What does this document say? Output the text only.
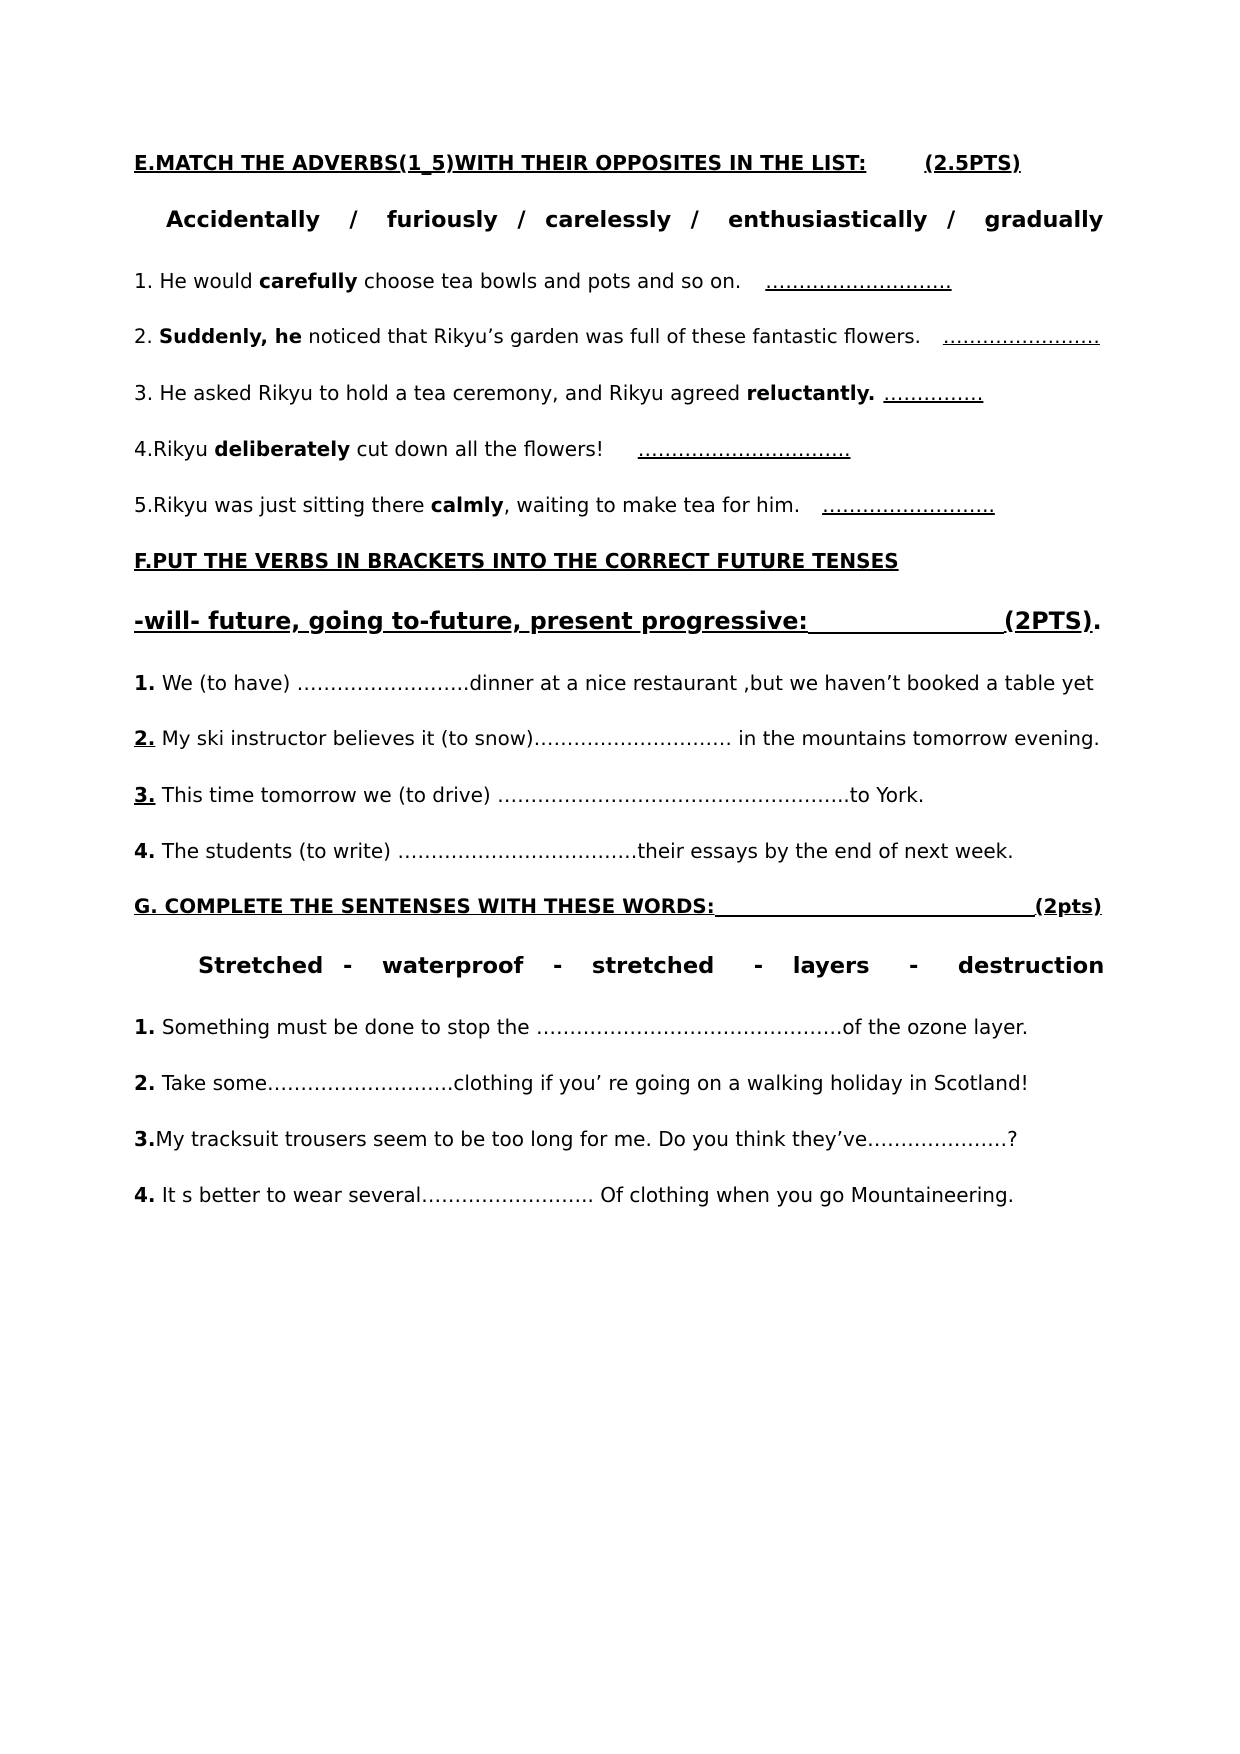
E.MATCH THE ADVERBS(1_5)WITH THEIR OPPOSITES IN THE LIST:	(2.5PTS)
Accidentally   /   furiously  /  carelessly  /   enthusiastically  /   gradually
1. He would carefully choose tea bowls and pots and so on. ……………………….
2. Suddenly, he noticed that Rikyu’s garden was full of these fantastic flowers. ……………………
3. He asked Rikyu to hold a tea ceremony, and Rikyu agreed reluctantly. ……………
4.Rikyu deliberately cut down all the flowers! …………………………..
5.Rikyu was just sitting there calmly, waiting to make tea for him. ……………………..
F.PUT THE VERBS IN BRACKETS INTO THE CORRECT FUTURE TENSES
-will- future, going to-future, present progressive:	(2PTS).
1. We (to have) ……………………..dinner at a nice restaurant ,but we haven’t booked a table yet
2. My ski instructor believes it (to snow)………………………… in the mountains tomorrow evening.
3. This time tomorrow we (to drive) ……………………………………………..to York.
4. The students (to write) ………………………………their essays by the end of next week.
G. COMPLETE THE SENTENSES WITH THESE WORDS:	(2pts)
Stretched  -   waterproof   -   stretched    -   layers    -    destruction
1. Something must be done to stop the ……………………………………….of the ozone layer.
2. Take some……………………….clothing if you’ re going on a walking holiday in Scotland!
3.My tracksuit trousers seem to be too long for me. Do you think they’ve…………………?
4. It s better to wear several…………………….. Of clothing when you go Mountaineering.
